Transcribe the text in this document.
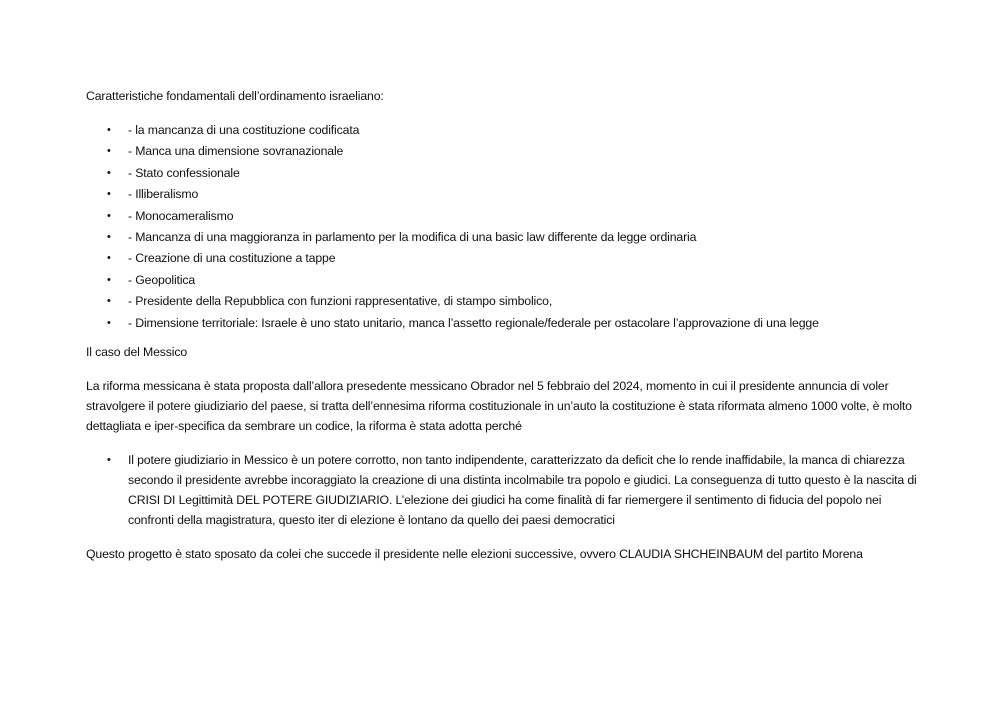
Caratteristiche fondamentali dell’ordinamento israeliano:

• - la mancanza di una costituzione codificata
• - Manca una dimensione sovranazionale
• - Stato confessionale
• - Illiberalismo
• - Monocameralismo
• - Mancanza di una maggioranza in parlamento per la modifica di una basic law differente da legge ordinaria
• - Creazione di una costituzione a tappe
• - Geopolitica
• - Presidente della Repubblica con funzioni rappresentative, di stampo simbolico,
• - Dimensione territoriale: Israele è uno stato unitario, manca l’assetto regionale/federale per ostacolare l’approvazione di una legge

Il caso del Messico

La riforma messicana è stata proposta dall’allora presedente messicano Obrador nel 5 febbraio del 2024, momento in cui il presidente annuncia di voler stravolgere il potere giudiziario del paese, si tratta dell’ennesima riforma costituzionale in un’auto la costituzione è stata riformata almeno 1000 volte, è molto dettagliata e iper-specifica da sembrare un codice, la riforma è stata adotta perché

• Il potere giudiziario in Messico è un potere corrotto, non tanto indipendente, caratterizzato da deficit che lo rende inaffidabile, la manca di chiarezza secondo il presidente avrebbe incoraggiato la creazione di una distinta incolmabile tra popolo e giudici. La conseguenza di tutto questo è la nascita di CRISI DI Legittimità DEL POTERE GIUDIZIARIO. L’elezione dei giudici ha come finalità di far riemergere il sentimento di fiducia del popolo nei confronti della magistratura, questo iter di elezione è lontano da quello dei paesi democratici

Questo progetto è stato sposato da colei che succede il presidente nelle elezioni successive, ovvero CLAUDIA SHCHEINBAUM del partito Morena
